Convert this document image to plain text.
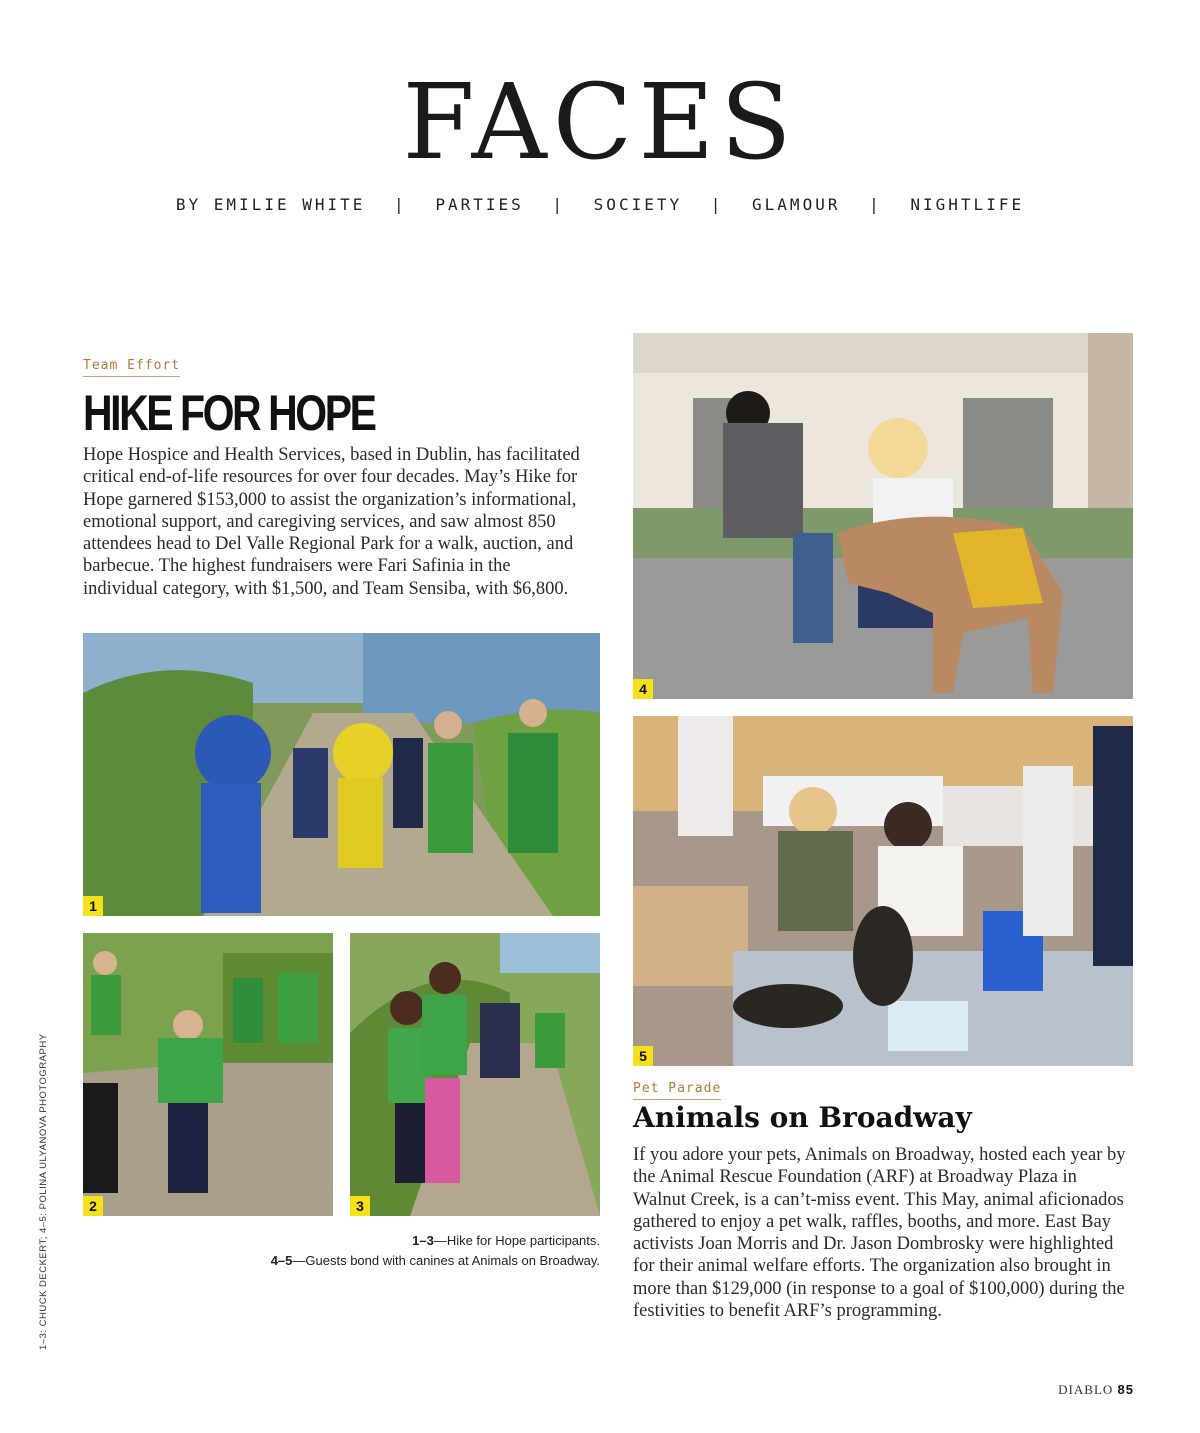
FACES
BY EMILIE WHITE | PARTIES | SOCIETY | GLAMOUR | NIGHTLIFE
Team Effort
HIKE FOR HOPE
Hope Hospice and Health Services, based in Dublin, has facilitated critical end-of-life resources for over four decades. May’s Hike for Hope garnered $153,000 to assist the organization’s informational, emotional support, and caregiving services, and saw almost 850 attendees head to Del Valle Regional Park for a walk, auction, and barbecue. The highest fundraisers were Fari Safinia in the individual category, with $1,500, and Team Sensiba, with $6,800.
1
2	3
1–3—Hike for Hope participants.
4–5—Guests bond with canines at Animals on Broadway.
4
5
Pet Parade
Animals on Broadway
If you adore your pets, Animals on Broadway, hosted each year by the Animal Rescue Foundation (ARF) at Broadway Plaza in Walnut Creek, is a can’t-miss event. This May, animal aficionados gathered to enjoy a pet walk, raffles, booths, and more. East Bay activists Joan Morris and Dr. Jason Dombrosky were highlighted for their animal welfare efforts. The organization also brought in more than $129,000 (in response to a goal of $100,000) during the festivities to benefit ARF’s programming.
1–3: CHUCK DECKERT; 4–5: POLINA ULYANOVA PHOTOGRAPHY
DIABLO 85
